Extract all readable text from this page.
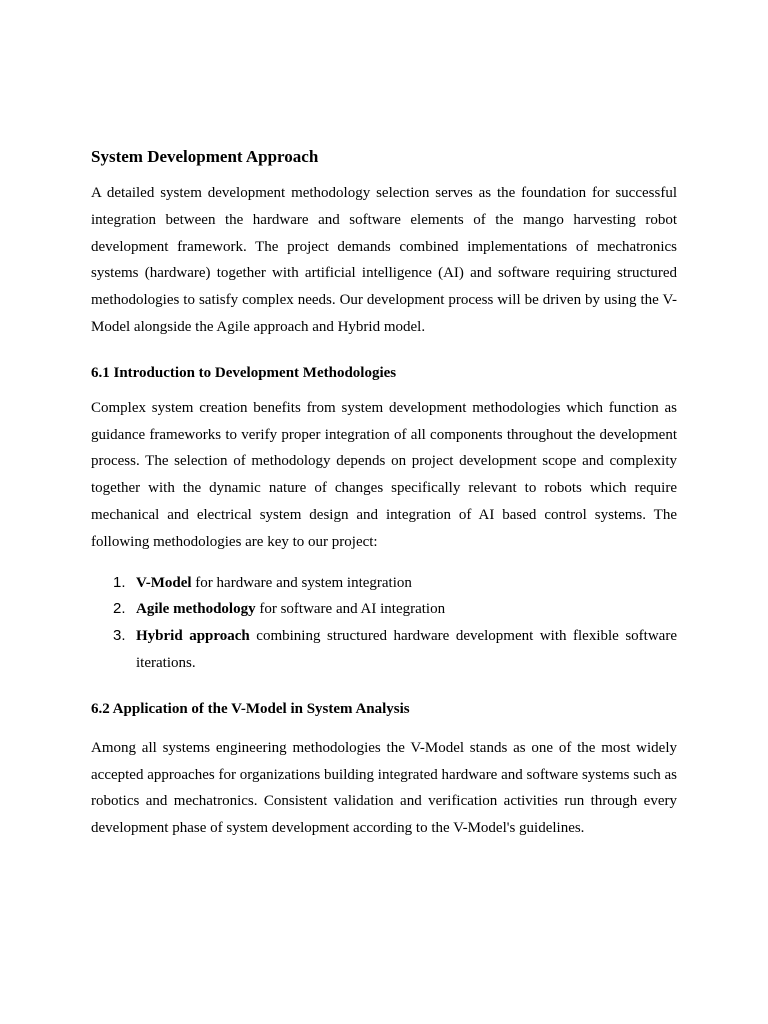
System Development Approach

A detailed system development methodology selection serves as the foundation for successful integration between the hardware and software elements of the mango harvesting robot development framework. The project demands combined implementations of mechatronics systems (hardware) together with artificial intelligence (AI) and software requiring structured methodologies to satisfy complex needs. Our development process will be driven by using the V-Model alongside the Agile approach and Hybrid model.

6.1 Introduction to Development Methodologies

Complex system creation benefits from system development methodologies which function as guidance frameworks to verify proper integration of all components throughout the development process. The selection of methodology depends on project development scope and complexity together with the dynamic nature of changes specifically relevant to robots which require mechanical and electrical system design and integration of AI based control systems. The following methodologies are key to our project:

1. V-Model for hardware and system integration
2. Agile methodology for software and AI integration
3. Hybrid approach combining structured hardware development with flexible software iterations.
6.2 Application of the V-Model in System Analysis

Among all systems engineering methodologies the V-Model stands as one of the most widely accepted approaches for organizations building integrated hardware and software systems such as robotics and mechatronics. Consistent validation and verification activities run through every development phase of system development according to the V-Model's guidelines.
